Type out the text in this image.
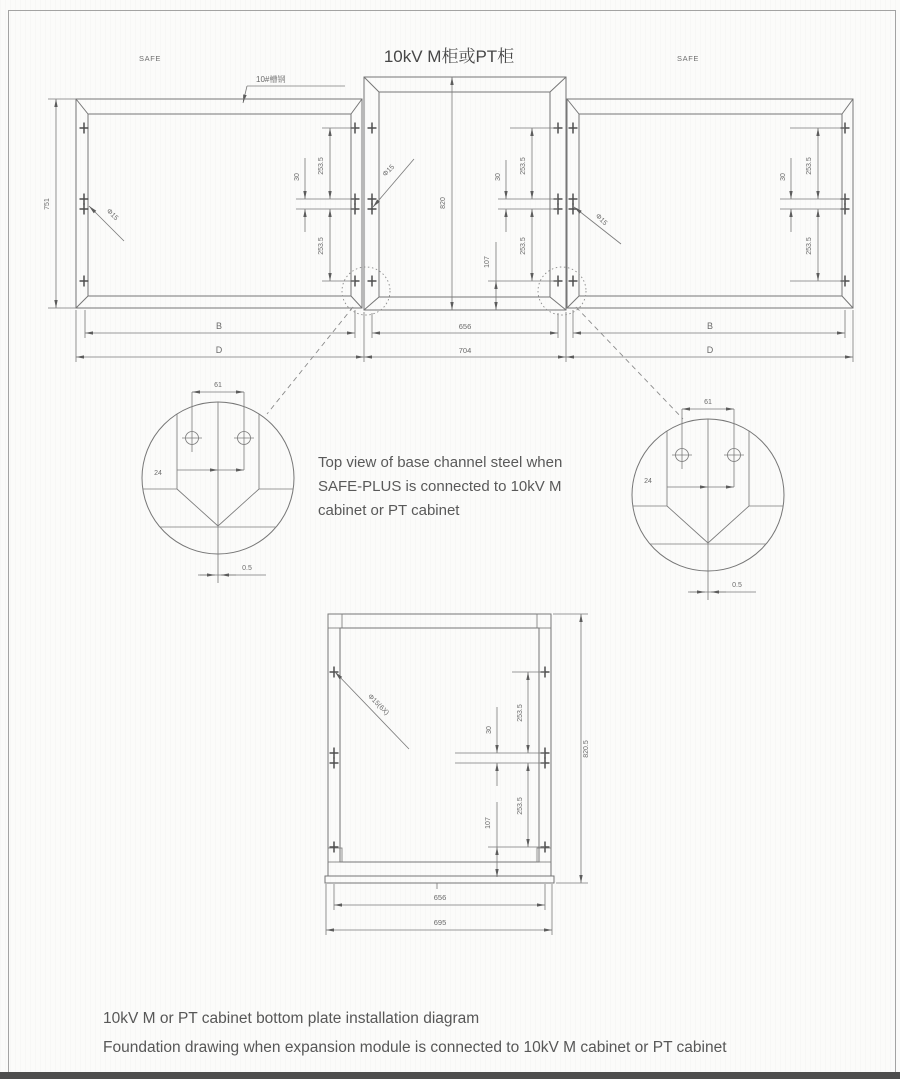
SAFE	10kV M柜或PT柜	SAFE
10#槽钢
751	820
253.5
30
253.5
Φ15
253.5
30
253.5
107
Φ15	253.5
30
253.5
Φ15
B	656	B
D	704	D
61
24
0.5
61
24
0.5
Top view of base channel steel when
SAFE-PLUS is connected to 10kV M
cabinet or PT cabinet
Φ15(6X)	253.5
30
253.5
107
820.5
656
695
10kV M or PT cabinet bottom plate installation diagram
Foundation drawing when expansion module is connected to 10kV M cabinet or PT cabinet
